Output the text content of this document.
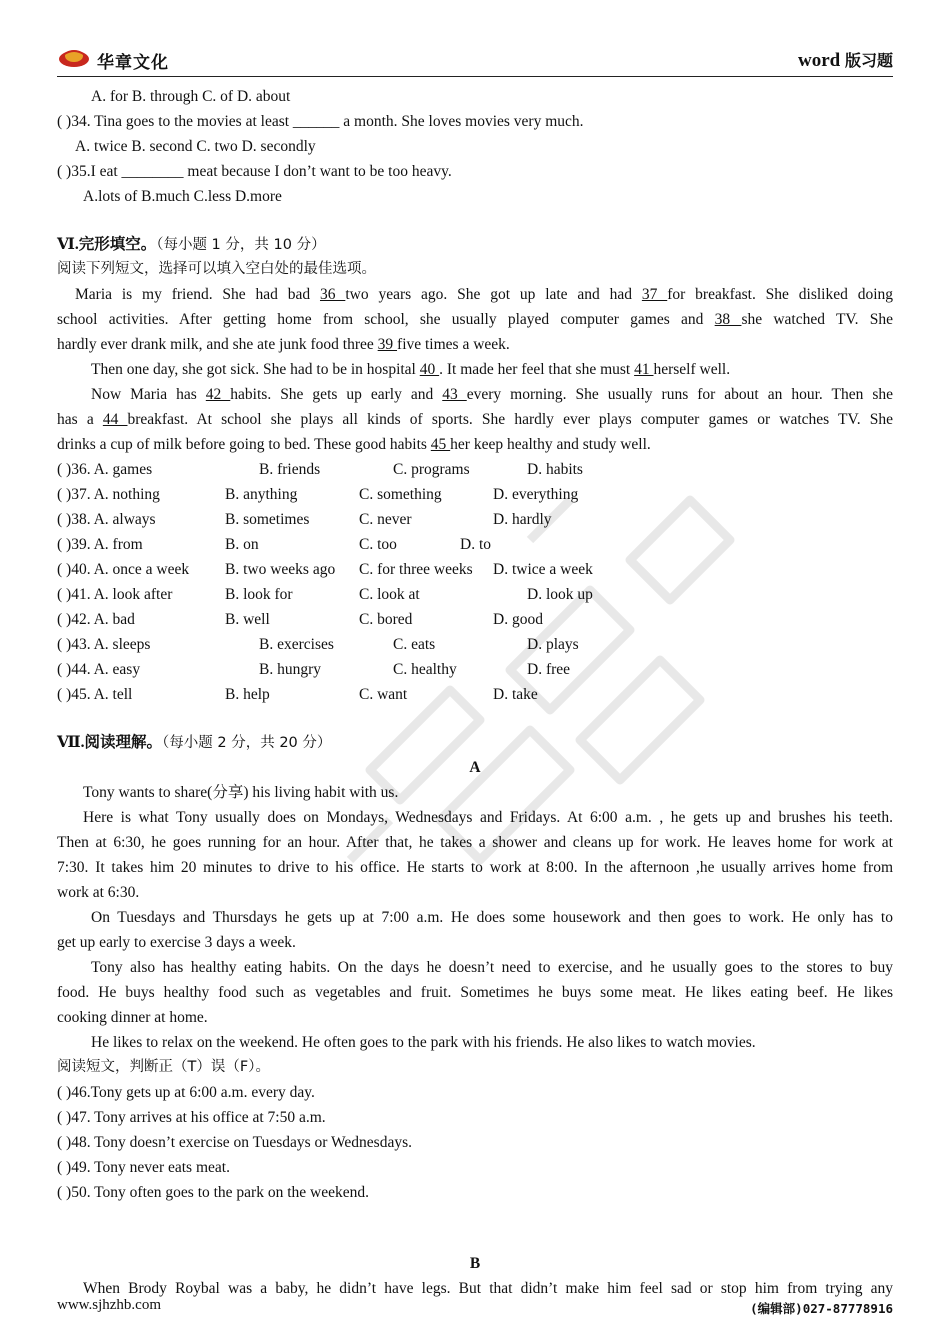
华章文化	word 版习题
A. for B. through C. of D. about
( )34. Tina goes to the movies at least ______ a month. She loves movies very much.
A. twice B. second C. two D. secondly
( )35.I eat ________ meat because I don’t want to be too heavy.
A.lots of B.much C.less D.more
Ⅵ.完形填空。（每小题 1 分，共 10 分）
阅读下列短文，选择可以填入空白处的最佳选项。
Maria is my friend. She had bad 36 two years ago. She got up late and had 37 for breakfast. She disliked doing
school activities. After getting home from school, she usually played computer games and 38 she watched TV. She
hardly ever drank milk, and she ate junk food three 39 five times a week.
Then one day, she got sick. She had to be in hospital 40 . It made her feel that she must 41 herself well.
Now Maria has 42 habits. She gets up early and 43 every morning. She usually runs for about an hour. Then she
has a 44 breakfast. At school she plays all kinds of sports. She hardly ever plays computer games or watches TV. She
drinks a cup of milk before going to bed. These good habits 45 her keep healthy and study well.
( )36. A. games	B. friends	C. programs	D. habits
( )37. A. nothing	B. anything	C. something	D. everything
( )38. A. always	B. sometimes	C. never	D. hardly
( )39. A. from	B. on	C. too	D. to
( )40. A. once a week B. two weeks ago C. for three weeks D. twice a week
( )41. A. look after	B. look for	C. look at	D. look up
( )42. A. bad	B. well	C. bored	D. good
( )43. A. sleeps	B. exercises	C. eats	D. plays
( )44. A. easy	B. hungry	C. healthy	D. free
( )45. A. tell	B. help	C. want	D. take
Ⅶ.阅读理解。（每小题 2 分，共 20 分）
A
Tony wants to share(分享) his living habit with us.
Here is what Tony usually does on Mondays, Wednesdays and Fridays. At 6:00 a.m. , he gets up and brushes his teeth.
Then at 6:30, he goes running for an hour. After that, he takes a shower and cleans up for work. He leaves home for work at
7:30. It takes him 20 minutes to drive to his office. He starts to work at 8:00. In the afternoon ,he usually arrives home from
work at 6:30.
On Tuesdays and Thursdays he gets up at 7:00 a.m. He does some housework and then goes to work. He only has to
get up early to exercise 3 days a week.
Tony also has healthy eating habits. On the days he doesn’t need to exercise, and he usually goes to the stores to buy
food. He buys healthy food such as vegetables and fruit. Sometimes he buys some meat. He likes eating beef. He likes
cooking dinner at home.
He likes to relax on the weekend. He often goes to the park with his friends. He also likes to watch movies.
阅读短文，判断正（T）误（F）。
( )46.Tony gets up at 6:00 a.m. every day.
( )47. Tony arrives at his office at 7:50 a.m.
( )48. Tony doesn’t exercise on Tuesdays or Wednesdays.
( )49. Tony never eats meat.
( )50. Tony often goes to the park on the weekend.
B
When Brody Roybal was a baby, he didn’t have legs. But that didn’t make him feel sad or stop him from trying any
www.sjhzhb.com	(编辑部)027-87778916
